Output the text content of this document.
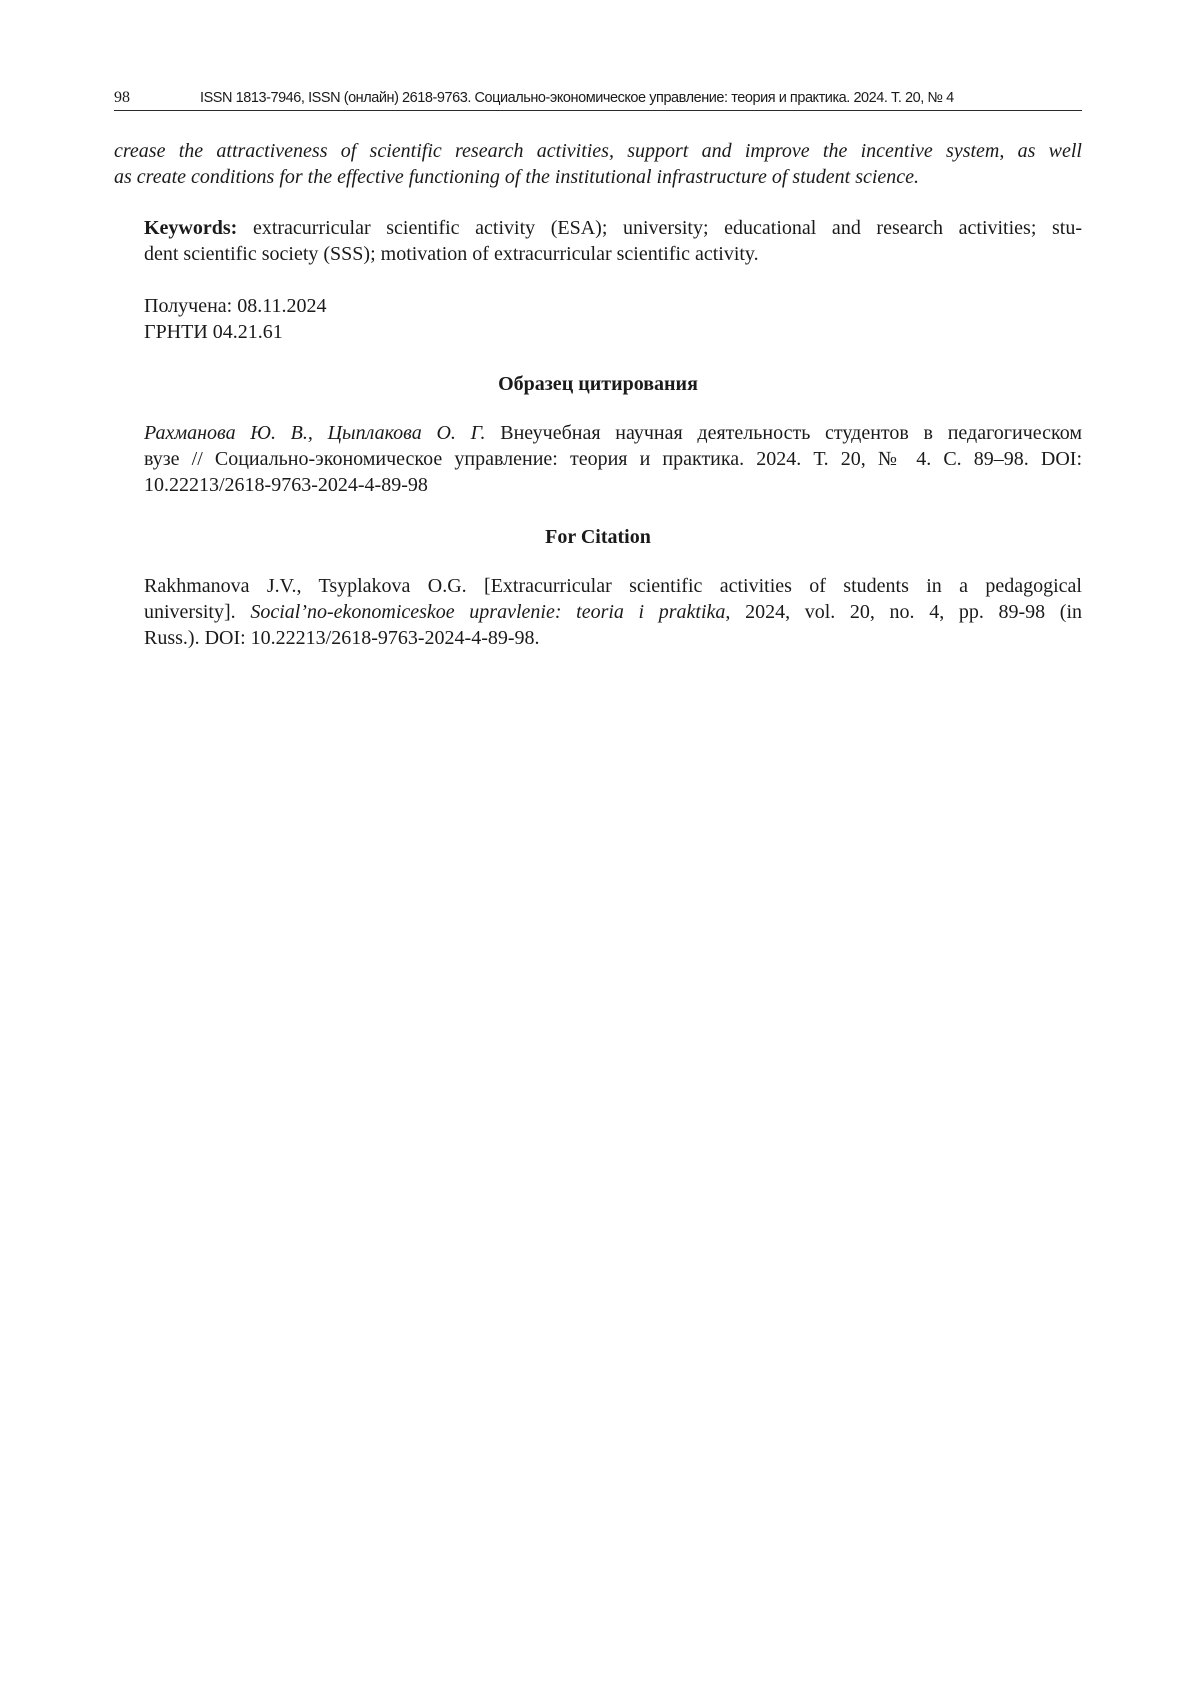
98	ISSN 1813-7946, ISSN (онлайн) 2618-9763. Социально-экономическое управление: теория и практика. 2024. Т. 20, № 4

crease the attractiveness of scientific research activities, support and improve the incentive system, as well
as create conditions for the effective functioning of the institutional infrastructure of student science.

Keywords: extracurricular scientific activity (ESA); university; educational and research activities; stu-
dent scientific society (SSS); motivation of extracurricular scientific activity.

Получена: 08.11.2024
ГРНТИ 04.21.61
Образец цитирования

Рахманова Ю. В., Цыплакова О. Г. Внеучебная научная деятельность студентов в педагогическом
вузе // Социально-экономическое управление: теория и практика. 2024. Т. 20, № 4. С. 89–98. DOI:
10.22213/2618-9763-2024-4-89-98

For Citation

Rakhmanova J.V., Tsyplakova O.G. [Extracurricular scientific activities of students in a pedagogical
university]. Social’no-ekonomiceskoe upravlenie: teoria i praktika, 2024, vol. 20, no. 4, pp. 89-98 (in
Russ.). DOI: 10.22213/2618-9763-2024-4-89-98.
